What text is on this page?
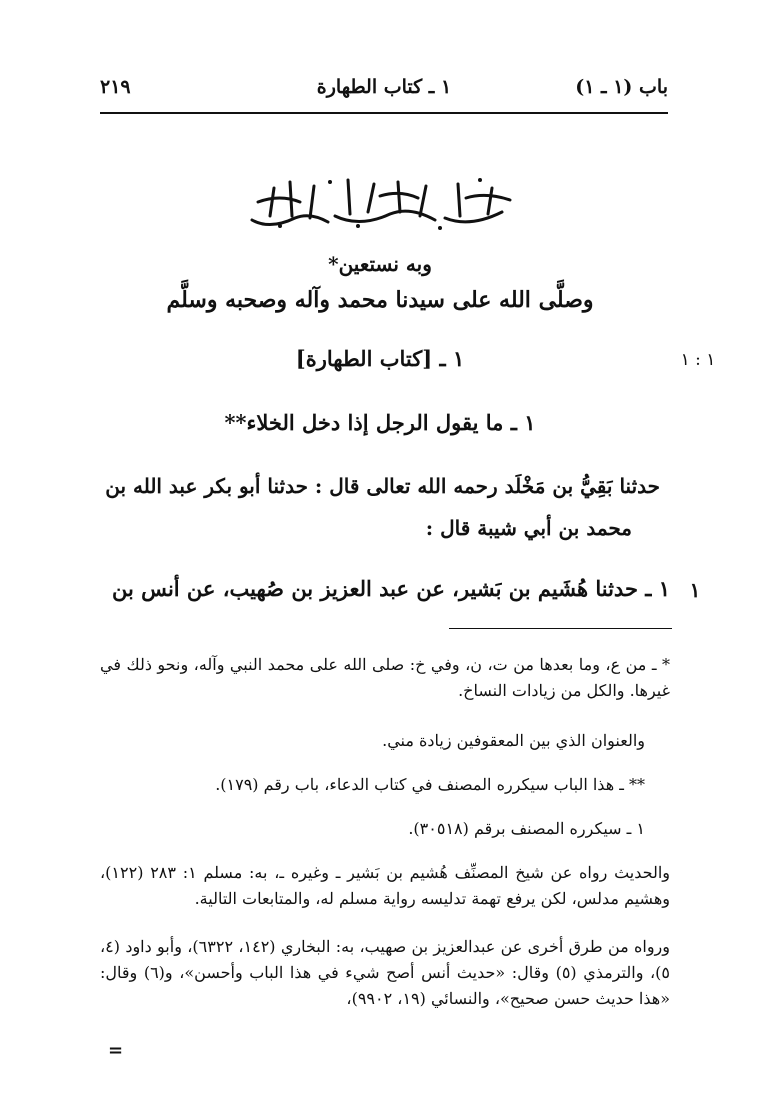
باب (١ ـ ١)
١ ـ كتاب الطهارة
٢١٩
وبه نستعين*
وصلَّى الله على سيدنا محمد وآله وصحبه وسلَّم
١ ـ [كتاب الطهارة]	١ : ١
١ ـ ما يقول الرجل إذا دخل الخلاء**
حدثنا بَقِيُّ بن مَخْلَد رحمه الله تعالى قال : حدثنا أبو بكر عبد الله بن
محمد بن أبي شيبة قال :
١ ـ حدثنا هُشَيم بن بَشير، عن عبد العزيز بن صُهيب، عن أنس بن ١
* ـ من ع، وما بعدها من ت، ن، وفي خ: صلى الله على محمد النبي وآله، ونحو ذلك في غيرها. والكل من زيادات النساخ.
والعنوان الذي بين المعقوفين زيادة مني.
** ـ هذا الباب سيكرره المصنف في كتاب الدعاء، باب رقم (١٧٩).
١ ـ سيكرره المصنف برقم (٣٠٥١٨).
والحديث رواه عن شيخ المصنِّف هُشيم بن بَشير ـ وغيره ـ، به: مسلم ١: ٢٨٣ (١٢٢)، وهشيم مدلس، لكن يرفع تهمة تدليسه رواية مسلم له، والمتابعات التالية.
ورواه من طرق أخرى عن عبدالعزيز بن صهيب، به: البخاري (١٤٢، ٦٣٢٢)، وأبو داود (٤، ٥)، والترمذي (٥) وقال: «حديث أنس أصح شيء في هذا الباب وأحسن»، و(٦) وقال: «هذا حديث حسن صحيح»، والنسائي (١٩، ٩٩٠٢)،
=
